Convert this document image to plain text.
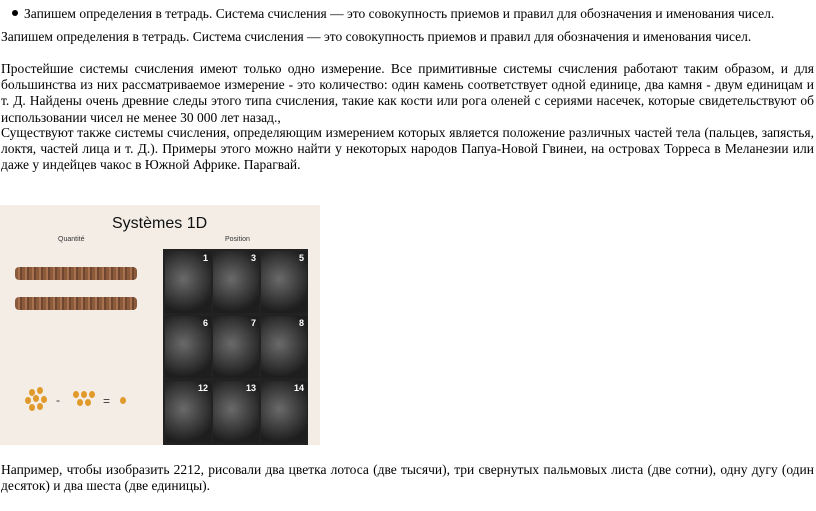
Запишем определения в тетрадь. Система счисления — это совокупность приемов и правил для обозначения и именования чисел.
Запишем определения в тетрадь. Система счисления — это совокупность приемов и правил для обозначения и именования чисел.
Простейшие системы счисления имеют только одно измерение. Все примитивные системы счисления работают таким образом, и для большинства из них рассматриваемое измерение - это количество: один камень соответствует одной единице, два камня - двум единицам и т. Д. Найдены очень древние следы этого типа счисления, такие как кости или рога оленей с сериями насечек, которые свидетельствуют об использовании чисел не менее 30 000 лет назад.,
Существуют также системы счисления, определяющим измерением которых является положение различных частей тела (пальцев, запястья, локтя, частей лица и т. Д.). Примеры этого можно найти у некоторых народов Папуа-Новой Гвинеи, на островах Торреса в Меланезии или даже у индейцев чакос в Южной Африке. Парагвай.
Systèmes 1D
Quantité	Position
-	=
1	3	5
6	7	8
12	13	14
Например, чтобы изобразить 2212, рисовали два цветка лотоса (две тысячи), три свернутых пальмовых листа (две сотни), одну дугу (один десяток) и два шеста (две единицы).
